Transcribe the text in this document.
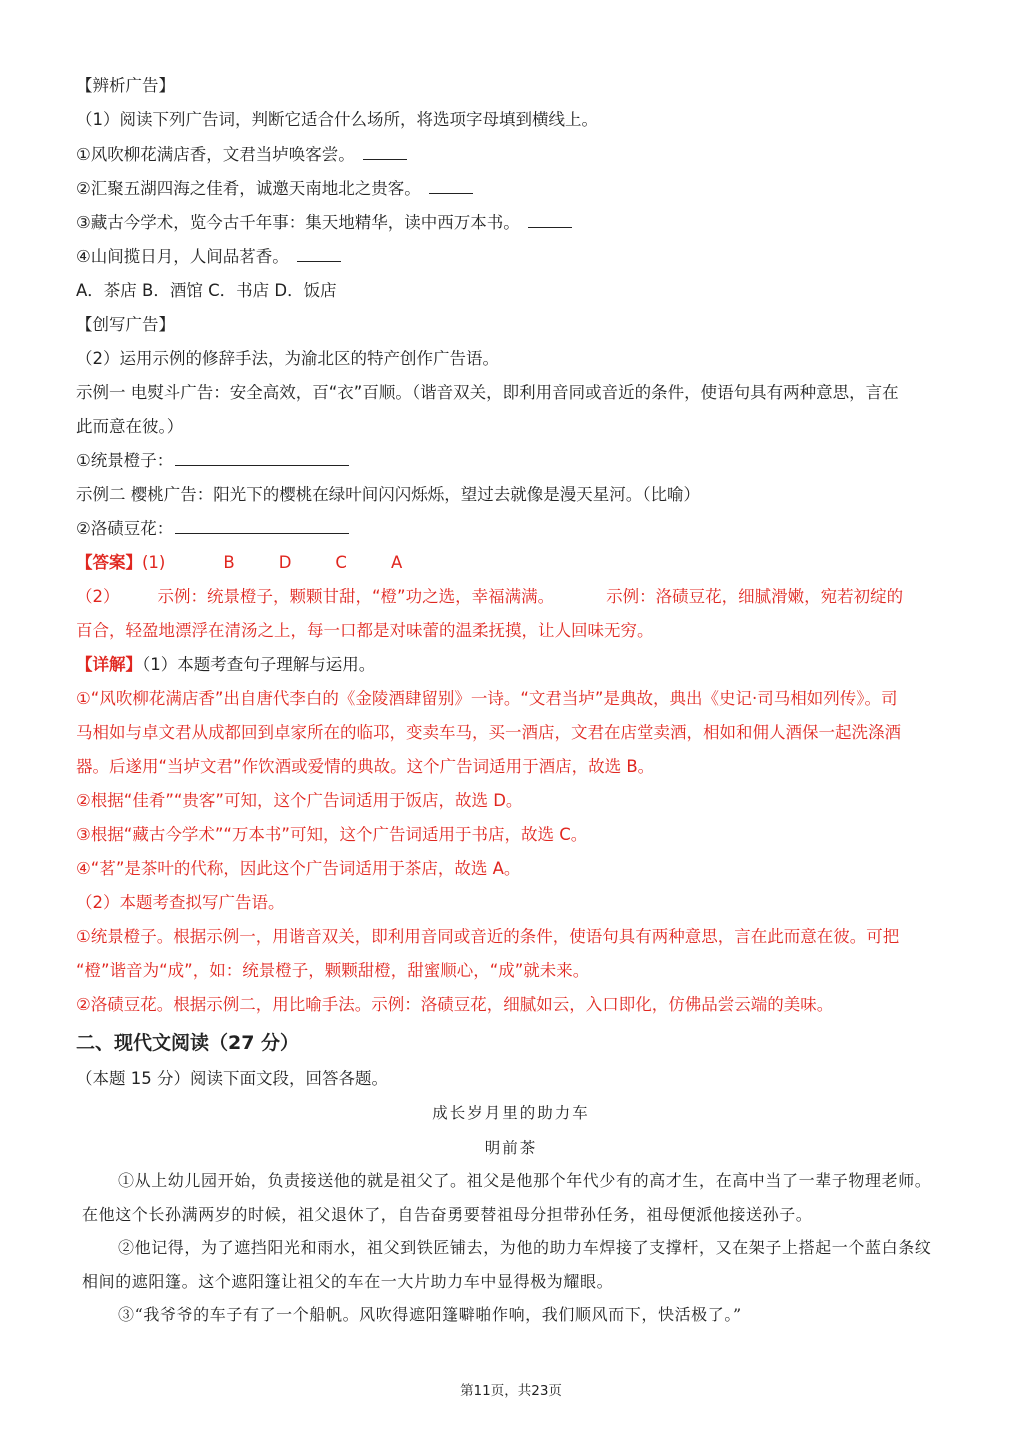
【辨析广告】
（1）阅读下列广告词，判断它适合什么场所，将选项字母填到横线上。
①风吹柳花满店香，文君当垆唤客尝。
②汇聚五湖四海之佳肴，诚邀天南地北之贵客。
③藏古今学术，览今古千年事：集天地精华，读中西万本书。
④山间揽日月，人间品茗香。
A．茶店 B．酒馆 C．书店 D．饭店
【创写广告】
（2）运用示例的修辞手法，为渝北区的特产创作广告语。
示例一 电熨斗广告：安全高效，百“衣”百顺。（谐音双关，即利用音同或音近的条件，使语句具有两种意思，言在
此而意在彼。）
①统景橙子：
示例二 樱桃广告：阳光下的樱桃在绿叶间闪闪烁烁，望过去就像是漫天星河。（比喻）
②洛碛豆花：
【答案】(1)	B	D	C	A
（2） 示例：统景橙子，颗颗甘甜，“橙”功之选，幸福满满。	示例：洛碛豆花，细腻滑嫩，宛若初绽的
百合，轻盈地漂浮在清汤之上，每一口都是对味蕾的温柔抚摸，让人回味无穷。
【详解】（1）本题考查句子理解与运用。
①“风吹柳花满店香”出自唐代李白的《金陵酒肆留别》一诗。“文君当垆”是典故，典出《史记·司马相如列传》。司
马相如与卓文君从成都回到卓家所在的临邛，变卖车马，买一酒店，文君在店堂卖酒，相如和佣人酒保一起洗涤酒
器。后遂用“当垆文君”作饮酒或爱情的典故。这个广告词适用于酒店，故选 B。
②根据“佳肴”“贵客”可知，这个广告词适用于饭店，故选 D。
③根据“藏古今学术”“万本书”可知，这个广告词适用于书店，故选 C。
④“茗”是茶叶的代称，因此这个广告词适用于茶店，故选 A。
（2）本题考查拟写广告语。
①统景橙子。根据示例一，用谐音双关，即利用音同或音近的条件，使语句具有两种意思，言在此而意在彼。可把
“橙”谐音为“成”，如：统景橙子，颗颗甜橙，甜蜜顺心，“成”就未来。
②洛碛豆花。根据示例二，用比喻手法。示例：洛碛豆花，细腻如云，入口即化，仿佛品尝云端的美味。
二、现代文阅读（27 分）
（本题 15 分）阅读下面文段，回答各题。
成长岁月里的助力车
明前茶

①从上幼儿园开始，负责接送他的就是祖父了。祖父是他那个年代少有的高才生，在高中当了一辈子物理老师。在他这个长孙满两岁的时候，祖父退休了，自告奋勇要替祖母分担带孙任务，祖母便派他接送孙子。

②他记得，为了遮挡阳光和雨水，祖父到铁匠铺去，为他的助力车焊接了支撑杆，又在架子上搭起一个蓝白条纹相间的遮阳篷。这个遮阳篷让祖父的车在一大片助力车中显得极为耀眼。

③“我爷爷的车子有了一个船帆。风吹得遮阳篷噼啪作响，我们顺风而下，快活极了。”

第11页，共23页
